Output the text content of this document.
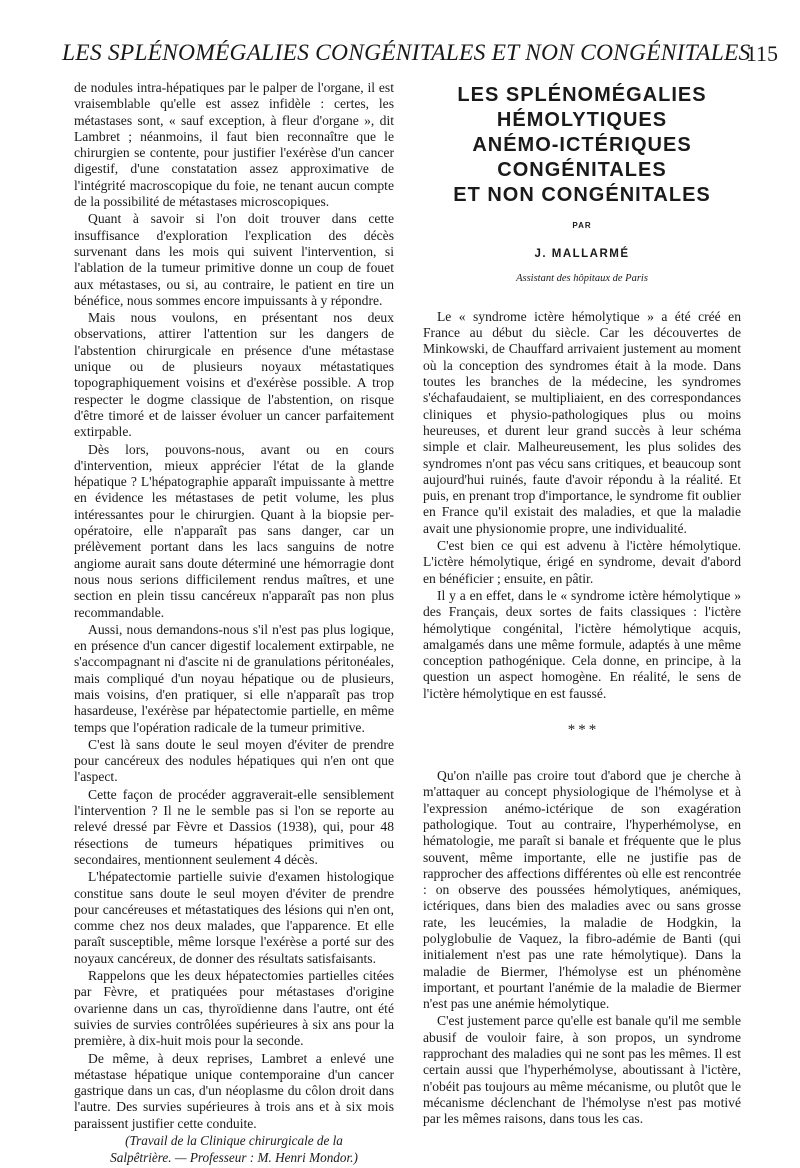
LES SPLÉNOMÉGALIES CONGÉNITALES ET NON CONGÉNITALES
115

de nodules intra-hépatiques par le palper de l'organe, il est vraisemblable qu'elle est assez infidèle : certes, les métastases sont, « sauf exception, à fleur d'organe », dit Lambret ; néanmoins, il faut bien reconnaître que le chirurgien se contente, pour justifier l'exérèse d'un cancer digestif, d'une constatation assez approximative de l'intégrité macroscopique du foie, ne tenant aucun compte de la possibilité de métastases microscopiques.

Quant à savoir si l'on doit trouver dans cette insuffisance d'exploration l'explication des décès survenant dans les mois qui suivent l'intervention, si l'ablation de la tumeur primitive donne un coup de fouet aux métastases, ou si, au contraire, le patient en tire un bénéfice, nous sommes encore impuissants à y répondre.

Mais nous voulons, en présentant nos deux observations, attirer l'attention sur les dangers de l'abstention chirurgicale en présence d'une métastase unique ou de plusieurs noyaux métastatiques topographiquement voisins et d'exérèse possible. A trop respecter le dogme classique de l'abstention, on risque d'être timoré et de laisser évoluer un cancer parfaitement extirpable.

Dès lors, pouvons-nous, avant ou en cours d'intervention, mieux apprécier l'état de la glande hépatique ? L'hépatographie apparaît impuissante à mettre en évidence les métastases de petit volume, les plus intéressantes pour le chirurgien. Quant à la biopsie per-opératoire, elle n'apparaît pas sans danger, car un prélèvement portant dans les lacs sanguins de notre angiome aurait sans doute déterminé une hémorragie dont nous nous serions difficilement rendus maîtres, et une section en plein tissu cancéreux n'apparaît pas non plus recommandable.

Aussi, nous demandons-nous s'il n'est pas plus logique, en présence d'un cancer digestif localement extirpable, ne s'accompagnant ni d'ascite ni de granulations péritonéales, mais compliqué d'un noyau hépatique ou de plusieurs, mais voisins, d'en pratiquer, si elle n'apparaît pas trop hasardeuse, l'exérèse par hépatectomie partielle, en même temps que l'opération radicale de la tumeur primitive.

C'est là sans doute le seul moyen d'éviter de prendre pour cancéreux des nodules hépatiques qui n'en ont que l'aspect.

Cette façon de procéder aggraverait-elle sensiblement l'intervention ? Il ne le semble pas si l'on se reporte au relevé dressé par Fèvre et Dassios (1938), qui, pour 48 résections de tumeurs hépatiques primitives ou secondaires, mentionnent seulement 4 décès.

L'hépatectomie partielle suivie d'examen histologique constitue sans doute le seul moyen d'éviter de prendre pour cancéreuses et métastatiques des lésions qui n'en ont, comme chez nos deux malades, que l'apparence. Et elle paraît susceptible, même lorsque l'exérèse a porté sur des noyaux cancéreux, de donner des résultats satisfaisants.

Rappelons que les deux hépatectomies partielles citées par Fèvre, et pratiquées pour métastases d'origine ovarienne dans un cas, thyroïdienne dans l'autre, ont été suivies de survies contrôlées supérieures à six ans pour la première, à dix-huit mois pour la seconde.

De même, à deux reprises, Lambret a enlevé une métastase hépatique unique contemporaine d'un cancer gastrique dans un cas, d'un néoplasme du côlon droit dans l'autre. Des survies supérieures à trois ans et à six mois paraissent justifier cette conduite.

(Travail de la Clinique chirurgicale de la

Salpêtrière. — Professeur : M. Henri Mondor.)

LES SPLÉNOMÉGALIES
HÉMOLYTIQUES
ANÉMO-ICTÉRIQUES
CONGÉNITALES
ET NON CONGÉNITALES
PAR
J. MALLARMÉ
Assistant des hôpitaux de Paris

Le « syndrome ictère hémolytique » a été créé en France au début du siècle. Car les découvertes de Minkowski, de Chauffard arrivaient justement au moment où la conception des syndromes était à la mode. Dans toutes les branches de la médecine, les syndromes s'échafaudaient, se multipliaient, en des correspondances cliniques et physio-pathologiques plus ou moins heureuses, et durent leur grand succès à leur schéma simple et clair. Malheureusement, les plus solides des syndromes n'ont pas vécu sans critiques, et beaucoup sont aujourd'hui ruinés, faute d'avoir répondu à la réalité. Et puis, en prenant trop d'importance, le syndrome fit oublier en France qu'il existait des maladies, et que la maladie avait une physionomie propre, une individualité.

C'est bien ce qui est advenu à l'ictère hémolytique. L'ictère hémolytique, érigé en syndrome, devait d'abord en bénéficier ; ensuite, en pâtir.

Il y a en effet, dans le « syndrome ictère hémolytique » des Français, deux sortes de faits classiques : l'ictère hémolytique congénital, l'ictère hémolytique acquis, amalgamés dans une même formule, adaptés à une même conception pathogénique. Cela donne, en principe, à la question un aspect homogène. En réalité, le sens de l'ictère hémolytique en est faussé.

* * *

Qu'on n'aille pas croire tout d'abord que je cherche à m'attaquer au concept physiologique de l'hémolyse et à l'expression anémo-ictérique de son exagération pathologique. Tout au contraire, l'hyperhémolyse, en hématologie, me paraît si banale et fréquente que le plus souvent, même importante, elle ne justifie pas de rapprocher des affections différentes où elle est rencontrée : on observe des poussées hémolytiques, anémiques, ictériques, dans bien des maladies avec ou sans grosse rate, les leucémies, la maladie de Hodgkin, la polyglobulie de Vaquez, la fibro-adémie de Banti (qui initialement n'est pas une rate hémolytique). Dans la maladie de Biermer, l'hémolyse est un phénomène important, et pourtant l'anémie de la maladie de Biermer n'est pas une anémie hémolytique.

C'est justement parce qu'elle est banale qu'il me semble abusif de vouloir faire, à son propos, un syndrome rapprochant des maladies qui ne sont pas les mêmes. Il est certain aussi que l'hyperhémolyse, aboutissant à l'ictère, n'obéit pas toujours au même mécanisme, ou plutôt que le mécanisme déclenchant de l'hémolyse n'est pas motivé par les mêmes raisons, dans tous les cas.
